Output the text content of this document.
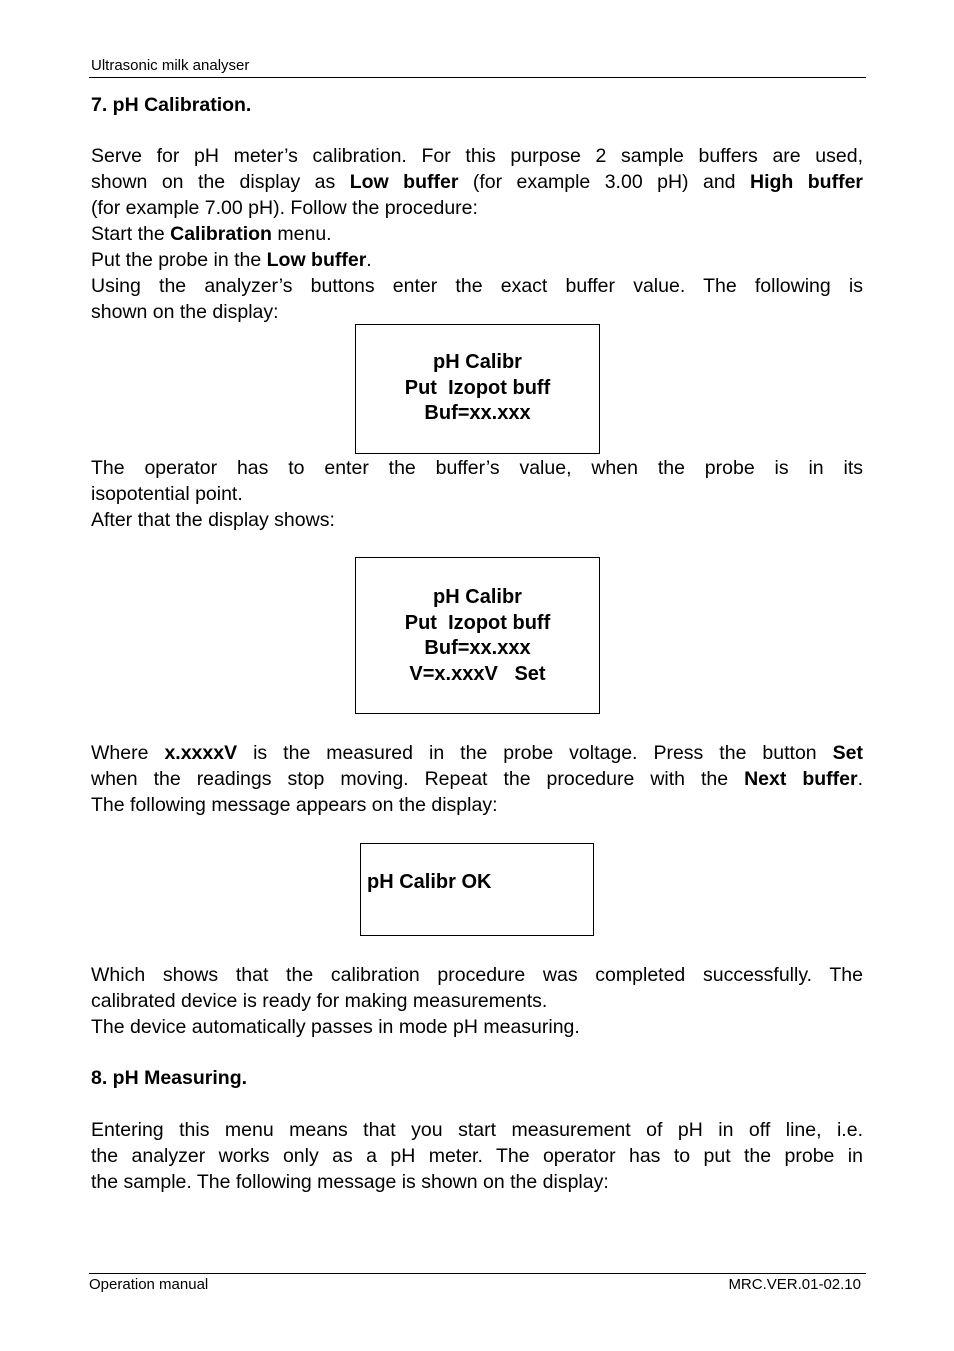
Ultrasonic milk analyser
7. pH Calibration.
Serve for pH meter’s calibration. For this purpose 2 sample buffers are used,
shown on the display as Low buffer (for example 3.00 pH) and High buffer
(for example 7.00 pH). Follow the procedure:
Start the Calibration menu.
Put the probe in the Low buffer.
Using the analyzer’s buttons enter the exact buffer value. The following is
shown on the display:
pH Calibr
Put  Izopot buff
Buf=xx.xxx
The operator has to enter the buffer’s value, when the probe is in its
isopotential point.
After that the display shows:
pH Calibr
Put  Izopot buff
Buf=xx.xxx
V=x.xxxV   Set
Where x.xxxxV is the measured in the probe voltage. Press the button Set
when the readings stop moving. Repeat the procedure with the Next buffer.
The following message appears on the display:
pH Calibr OK
Which shows that the calibration procedure was completed successfully. The
calibrated device is ready for making measurements.
The device automatically passes in mode pH measuring.
8. pH Measuring.
Entering this menu means that you start measurement of pH in off line, i.e.
the analyzer works only as a pH meter. The operator has to put the probe in
the sample. The following message is shown on the display:
Operation manual	MRC.VER.01-02.10
